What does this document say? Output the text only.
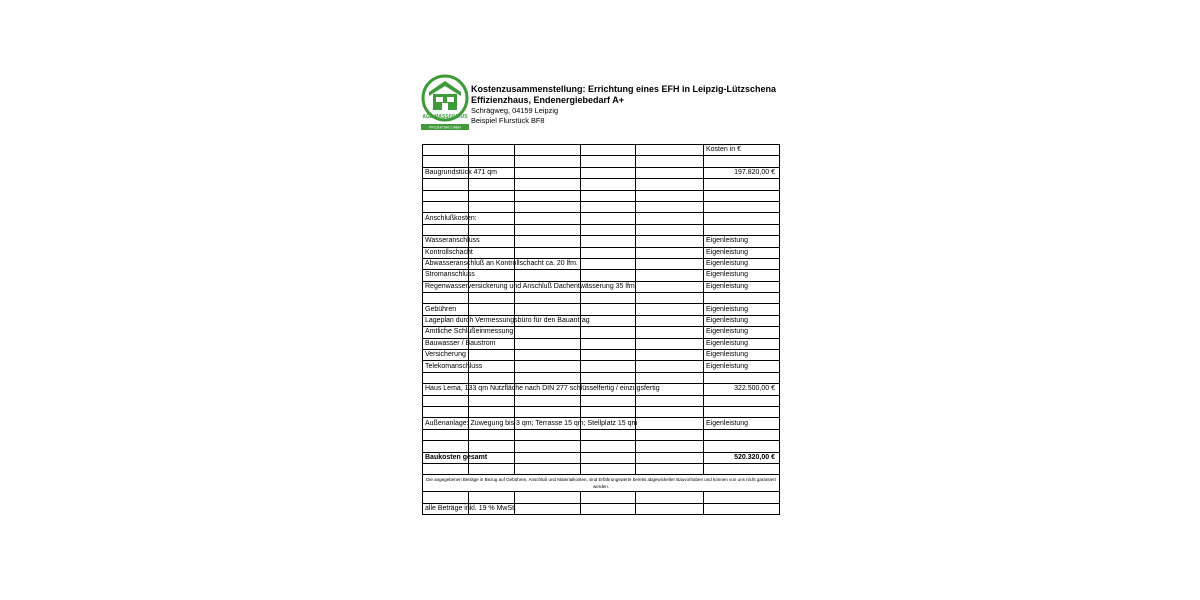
AGL MASSIVHAUS
PROJEKTBAU GMBH
Kostenzusammenstellung: Errichtung eines EFH in Leipzig-Lützschena
Effizienzhaus, Endenergiebedarf A+
Schrägweg, 04159 Leipzig
Beispiel Flurstück BF8
					Kosten in €

Baugrundstück 471 qm					197.820,00 €

Anschlußkosten:					

Wasseranschluss					Eigenleistung
Kontrollschacht					Eigenleistung
Abwasseranschluß an Kontrollschacht ca. 20 lfm.					Eigenleistung
Stromanschluss					Eigenleistung
Regenwasserversickerung und Anschluß Dachentwässerung 35 lfm.					Eigenleistung

Gebühren					Eigenleistung
Lageplan durch Vermessungsbüro für den Bauantrag					Eigenleistung
Amtliche Schlußeinmessung					Eigenleistung
Bauwasser / Baustrom					Eigenleistung
Versicherung					Eigenleistung
Telekomanschluss					Eigenleistung

Haus Lema, 133 qm Nutzfläche nach DIN 277 schlüsselfertig / einzugsfertig					322.500,00 €

Außenanlage: Zuwegung bis 3 qm; Terrasse 15 qm; Stellplatz 15 qm					Eigenleistung

Baukosten gesamt					520.320,00 €

Die angegebenen Beträge in Bezug auf Gebühren, Anschluß und Materialkosten, sind Erfahrungswerte bereits abgewickelter Bauvorhaben und können von uns nicht garantiert werden.					

alle Beträge inkl. 19 % MwSt.					
